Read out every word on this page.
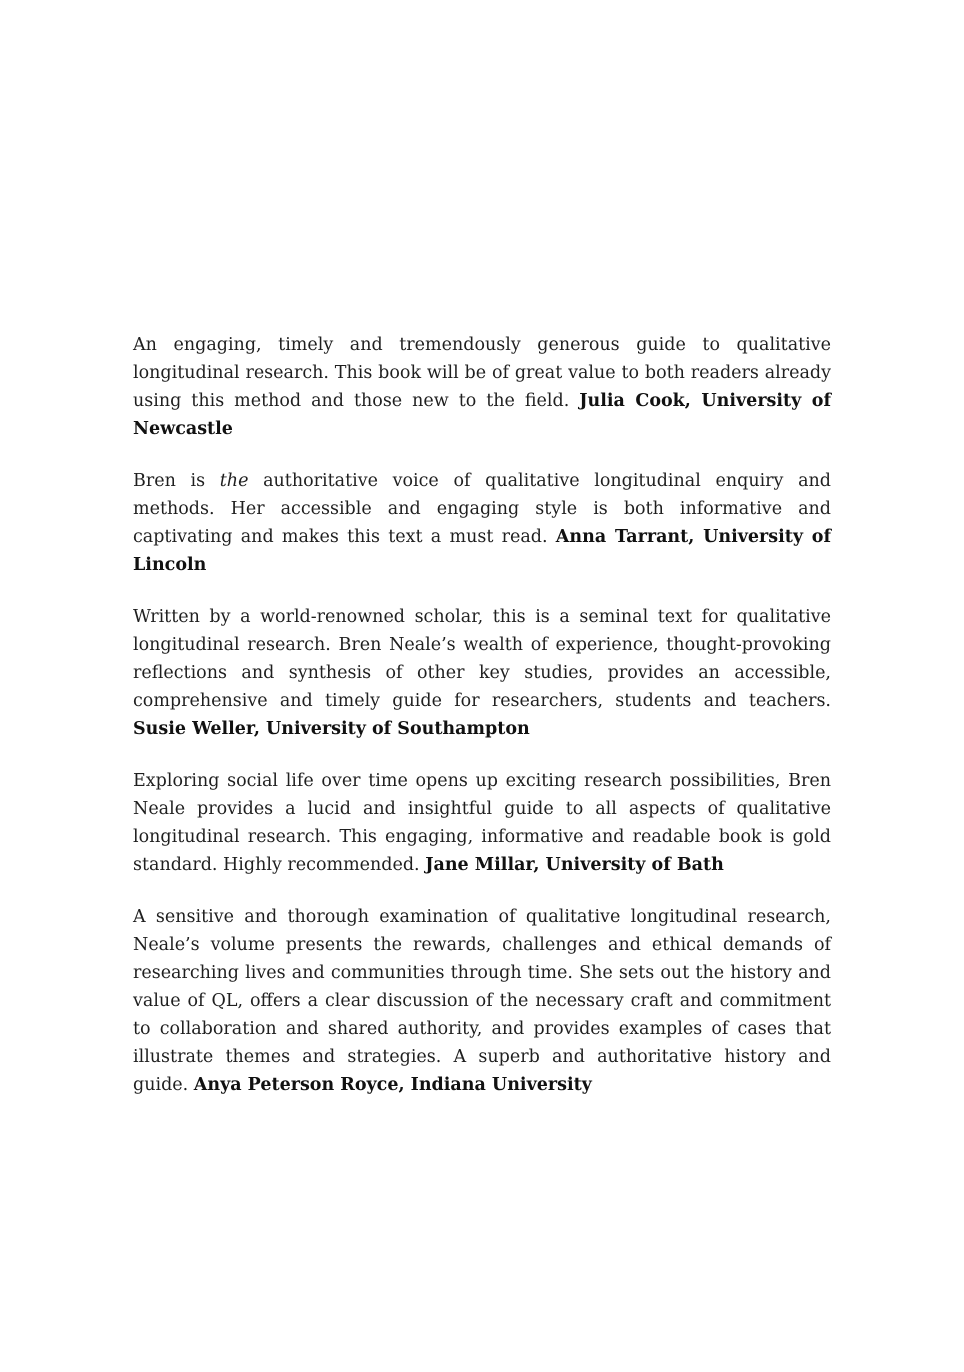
An engaging, timely and tremendously generous guide to qualitative longitudinal research. This book will be of great value to both readers already using this method and those new to the field. Julia Cook, University of Newcastle

Bren is the authoritative voice of qualitative longitudinal enquiry and methods. Her accessible and engaging style is both informative and captivating and makes this text a must read. Anna Tarrant, University of Lincoln

Written by a world-renowned scholar, this is a seminal text for qualitative longitudinal research. Bren Neale’s wealth of experience, thought-provoking reflections and synthesis of other key studies, provides an accessible, comprehensive and timely guide for researchers, students and teachers. Susie Weller, University of Southampton

Exploring social life over time opens up exciting research possibilities, Bren Neale provides a lucid and insightful guide to all aspects of qualitative longitudinal research. This engaging, informative and readable book is gold standard. Highly recommended. Jane Millar, University of Bath

A sensitive and thorough examination of qualitative longitudinal research, Neale’s volume presents the rewards, challenges and ethical demands of researching lives and communities through time. She sets out the history and value of QL, offers a clear discussion of the necessary craft and commitment to collaboration and shared authority, and provides examples of cases that illustrate themes and strategies. A superb and authoritative history and guide. Anya Peterson Royce, Indiana University
